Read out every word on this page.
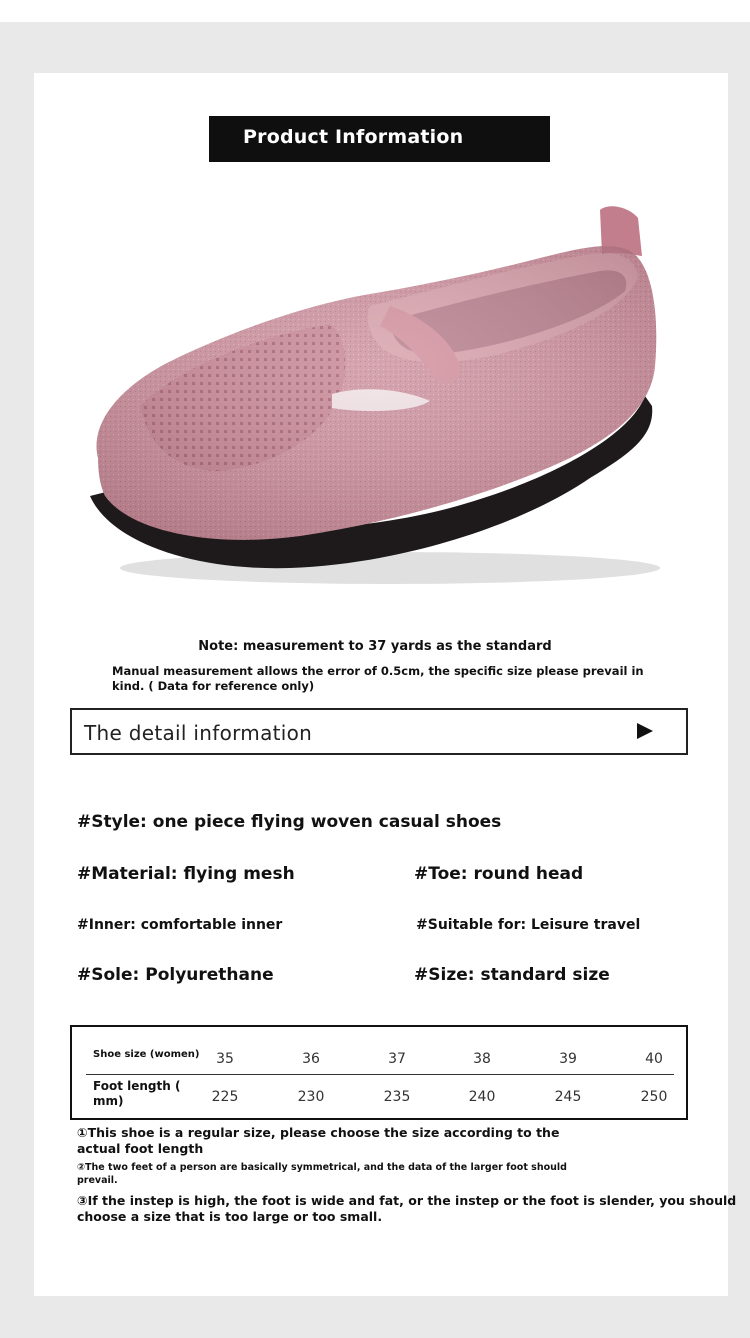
Product Information
Note: measurement to 37 yards as the standard
Manual measurement allows the error of 0.5cm, the specific size please prevail in kind. ( Data for reference only)
The detail information
#Style: one piece flying woven casual shoes
#Material: flying mesh	#Toe: round head
#Inner: comfortable inner	#Suitable for: Leisure travel
#Sole: Polyurethane	#Size: standard size
Shoe size (women)	35	36	37	38	39	40
Foot length (
mm)	225	230	235	240	245	250
①This shoe is a regular size, please choose the size according to the
actual foot length
②The two feet of a person are basically symmetrical, and the data of the larger foot should
prevail.
③If the instep is high, the foot is wide and fat, or the instep or the foot is slender, you should
choose a size that is too large or too small.
